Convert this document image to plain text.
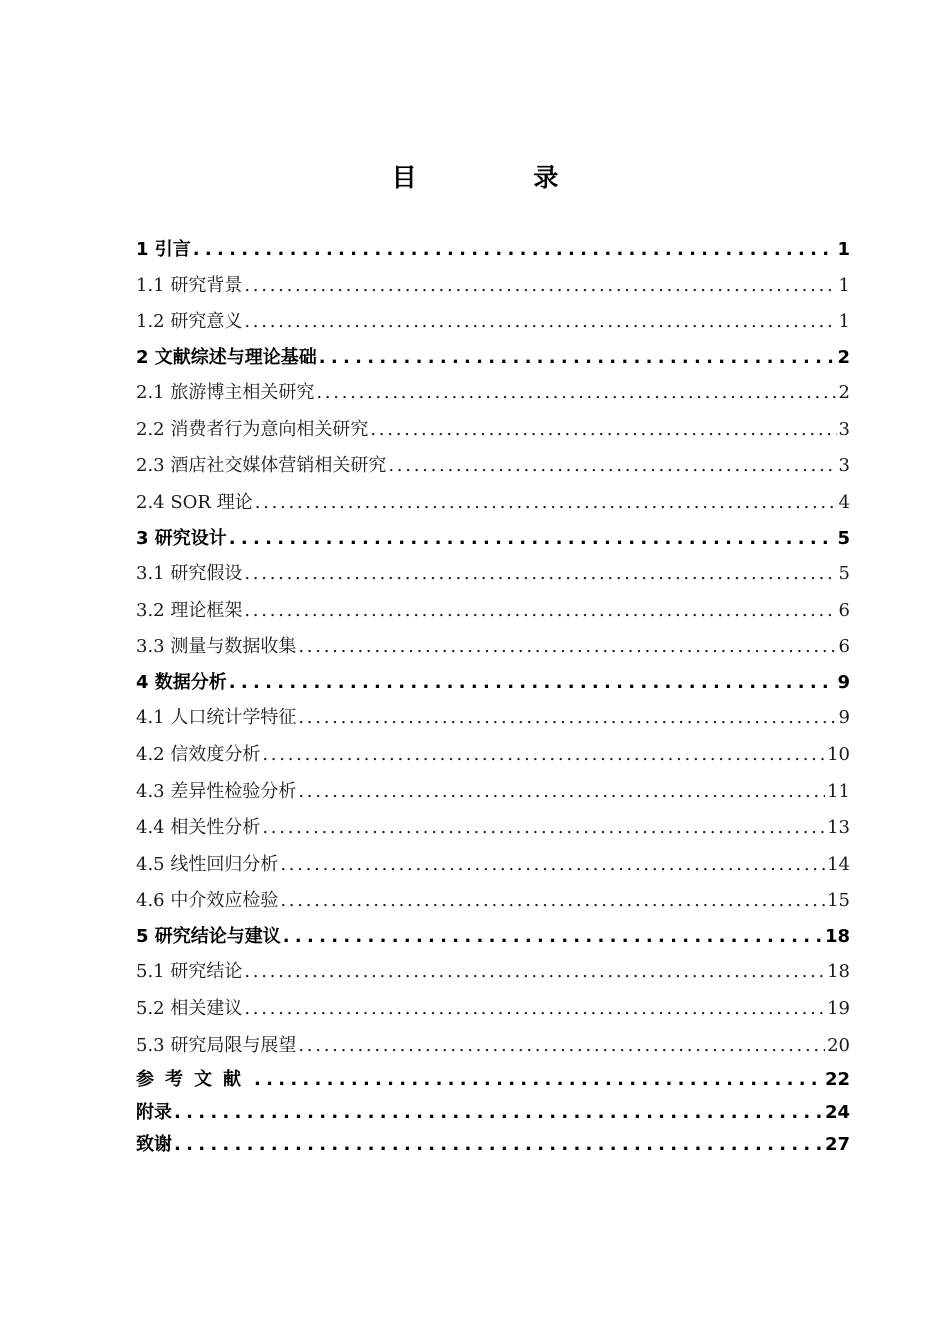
目 录
1 引言 . . .	1
1.1 研究背景 . . .	1
1.2 研究意义 . . .	1
2 文献综述与理论基础 . . .	2
2.1 旅游博主相关研究 . . .	2
2.2 消费者行为意向相关研究 . . .	3
2.3 酒店社交媒体营销相关研究 . . .	3
2.4 SOR 理论 . . .	4
3 研究设计 . . .	5
3.1 研究假设 . . .	5
3.2 理论框架 . . .	6
3.3 测量与数据收集 . . .	6
4 数据分析 . . .	9
4.1 人口统计学特征 . . .	9
4.2 信效度分析 . . .	10
4.3 差异性检验分析 . . .	11
4.4 相关性分析 . . .	13
4.5 线性回归分析 . . .	14
4.6 中介效应检验 . . .	15
5 研究结论与建议 . . .	18
5.1 研究结论 . . .	18
5.2 相关建议 . . .	19
5.3 研究局限与展望 . . .	20
参考文献 . . .	22
附录 . . .	24
致谢 . . .	27
